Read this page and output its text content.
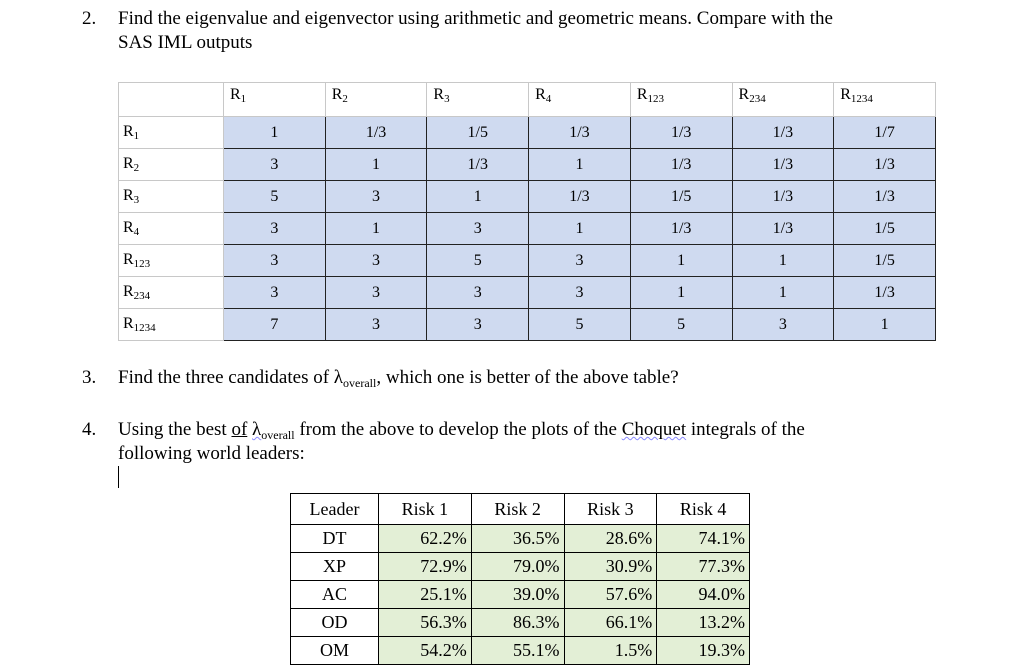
2. Find the eigenvalue and eigenvector using arithmetic and geometric means. Compare with the
SAS IML outputs
	$R_1$	$R_2$	$R_3$	$R_4$	$R_{123}$	$R_{234}$	$R_{1234}$
$R_1$	1	1/3	1/5	1/3	1/3	1/3	1/7
$R_2$	3	1	1/3	1	1/3	1/3	1/3
$R_3$	5	3	1	1/3	1/5	1/3	1/3
$R_4$	3	1	3	1	1/3	1/3	1/5
$R_{123}$	3	3	5	3	1	1	1/5
$R_{234}$	3	3	3	3	1	1	1/3
$R_{1234}$	7	3	3	5	5	3	1
3. Find the three candidates of $\lambda_{overall}$, which one is better of the above table?
4. Using the best of $\lambda_{overall}$ from the above to develop the plots of the Choquet integrals of the
following world leaders:
Leader	Risk 1	Risk 2	Risk 3	Risk 4
DT	62.2%	36.5%	28.6%	74.1%
XP	72.9%	79.0%	30.9%	77.3%
AC	25.1%	39.0%	57.6%	94.0%
OD	56.3%	86.3%	66.1%	13.2%
OM	54.2%	55.1%	1.5%	19.3%
